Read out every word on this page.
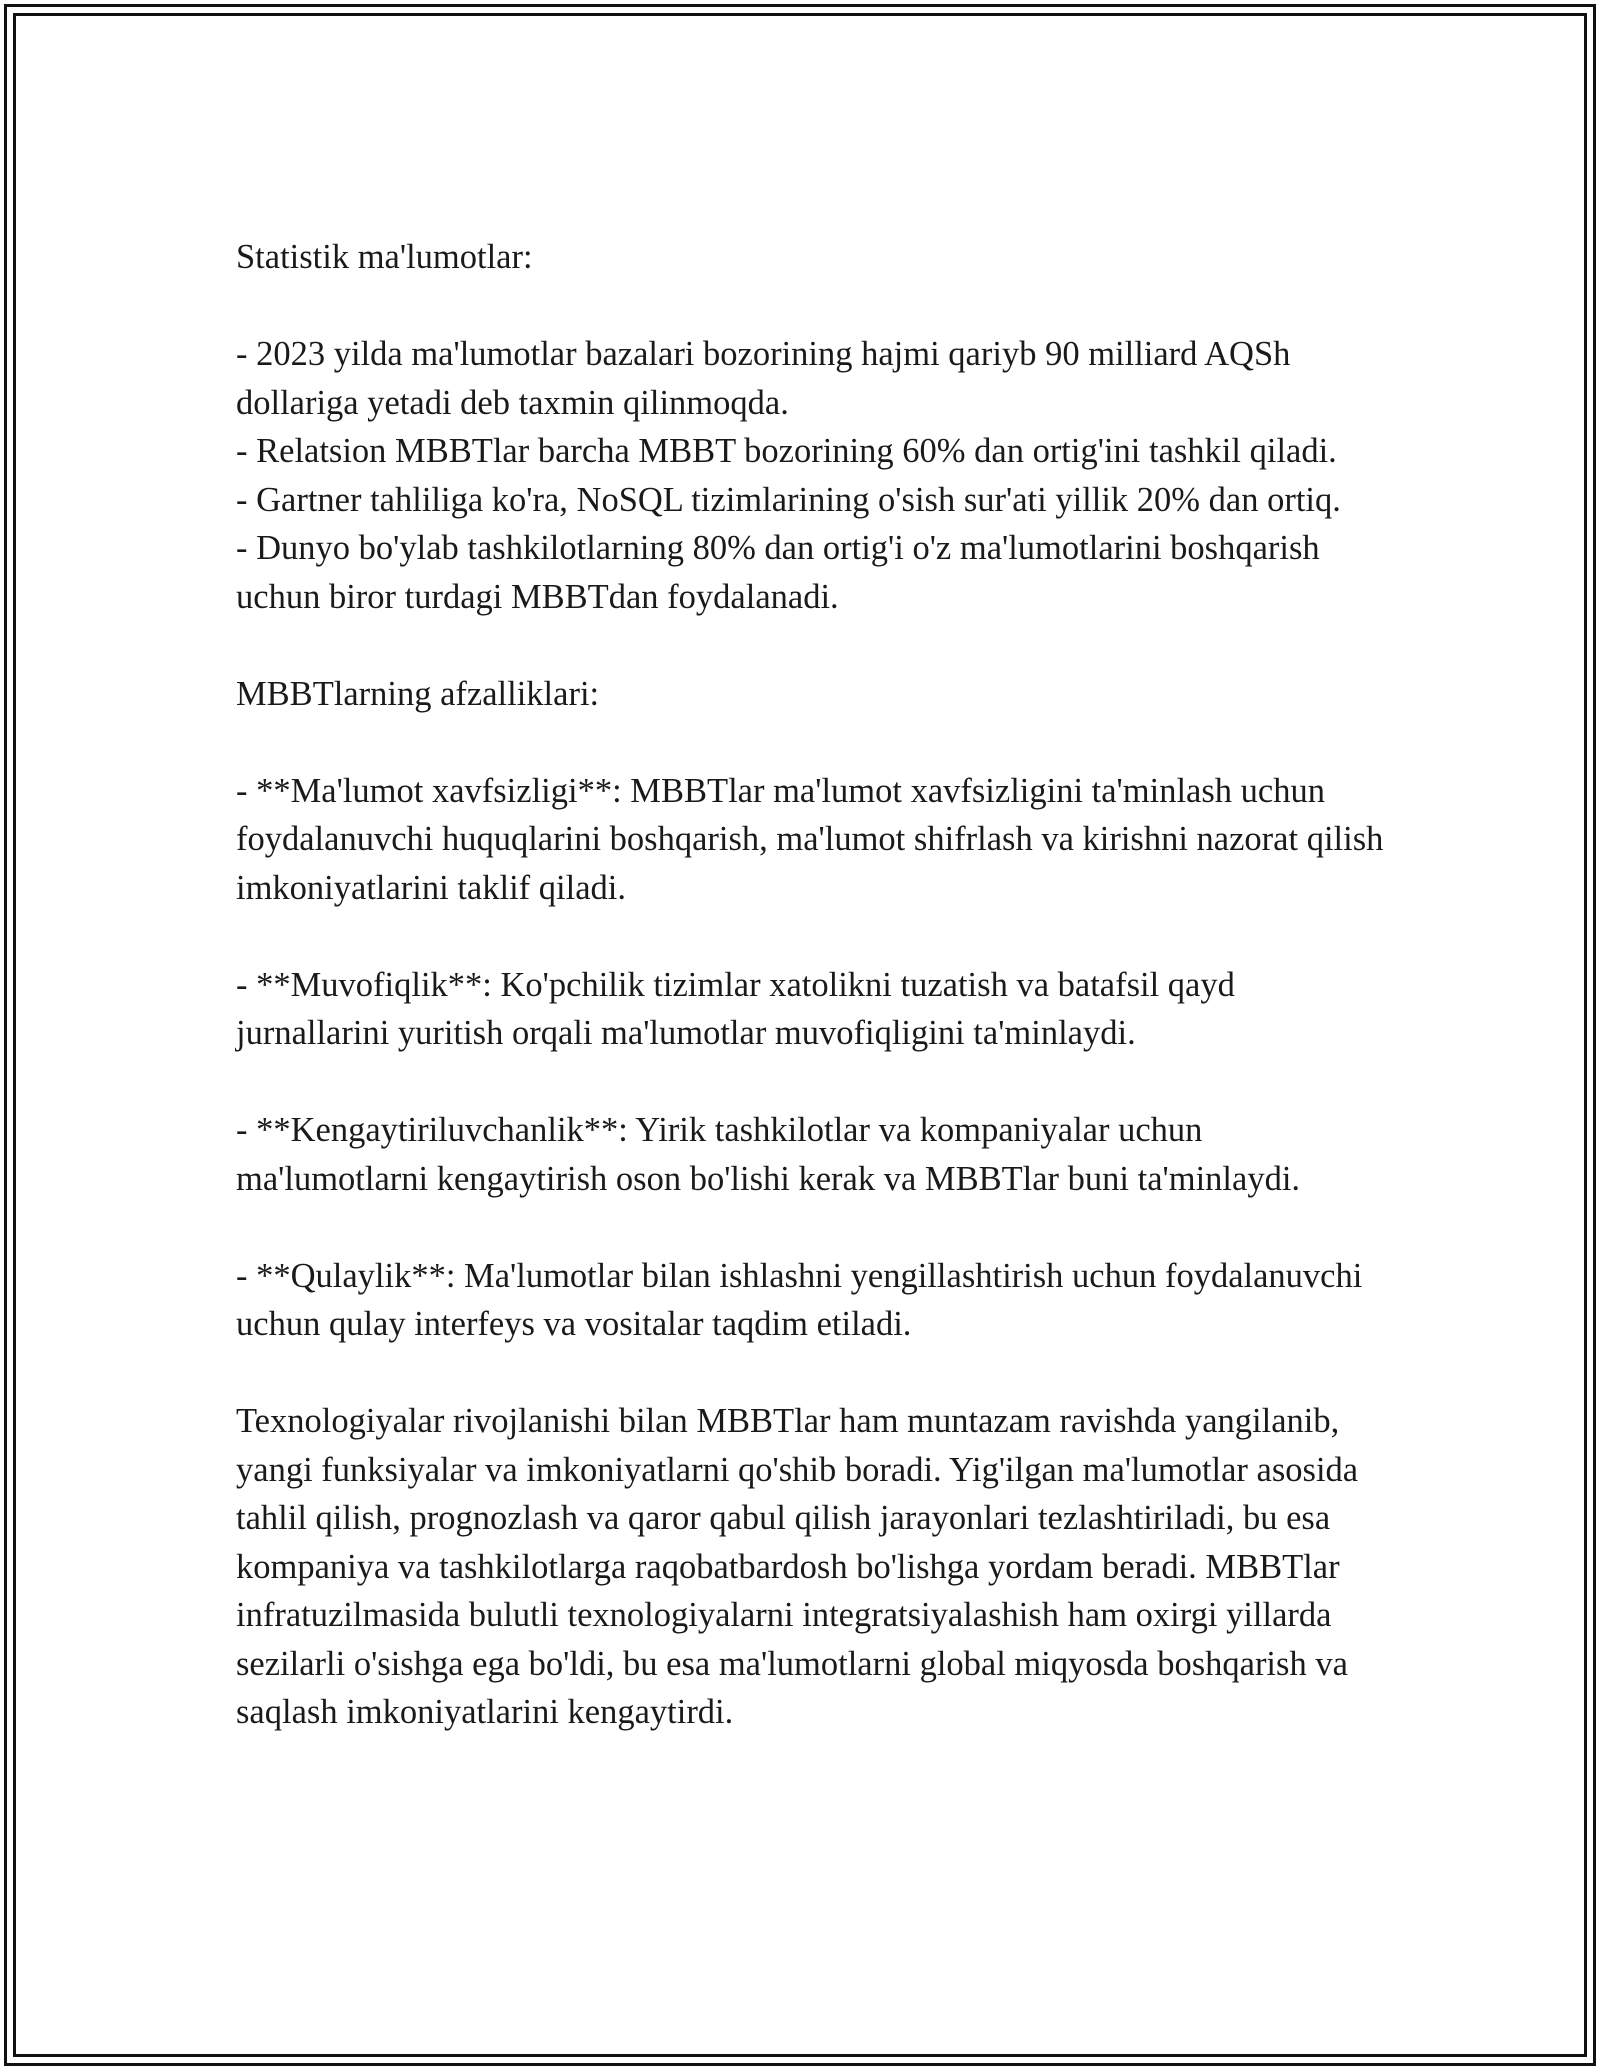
Statistik ma'lumotlar:

- 2023 yilda ma'lumotlar bazalari bozorining hajmi qariyb 90 milliard AQSh dollariga yetadi deb taxmin qilinmoqda.

- Relatsion MBBTlar barcha MBBT bozorining 60% dan ortig'ini tashkil qiladi.

- Gartner tahliliga ko'ra, NoSQL tizimlarining o'sish sur'ati yillik 20% dan ortiq.

- Dunyo bo'ylab tashkilotlarning 80% dan ortig'i o'z ma'lumotlarini boshqarish uchun biror turdagi MBBTdan foydalanadi.

MBBTlarning afzalliklari:

- **Ma'lumot xavfsizligi**: MBBTlar ma'lumot xavfsizligini ta'minlash uchun foydalanuvchi huquqlarini boshqarish, ma'lumot shifrlash va kirishni nazorat qilish imkoniyatlarini taklif qiladi.

- **Muvofiqlik**: Ko'pchilik tizimlar xatolikni tuzatish va batafsil qayd jurnallarini yuritish orqali ma'lumotlar muvofiqligini ta'minlaydi.

- **Kengaytiriluvchanlik**: Yirik tashkilotlar va kompaniyalar uchun ma'lumotlarni kengaytirish oson bo'lishi kerak va MBBTlar buni ta'minlaydi.

- **Qulaylik**: Ma'lumotlar bilan ishlashni yengillashtirish uchun foydalanuvchi uchun qulay interfeys va vositalar taqdim etiladi.

Texnologiyalar rivojlanishi bilan MBBTlar ham muntazam ravishda yangilanib, yangi funksiyalar va imkoniyatlarni qo'shib boradi. Yig'ilgan ma'lumotlar asosida tahlil qilish, prognozlash va qaror qabul qilish jarayonlari tezlashtiriladi, bu esa kompaniya va tashkilotlarga raqobatbardosh bo'lishga yordam beradi. MBBTlar infratuzilmasida bulutli texnologiyalarni integratsiyalashish ham oxirgi yillarda sezilarli o'sishga ega bo'ldi, bu esa ma'lumotlarni global miqyosda boshqarish va saqlash imkoniyatlarini kengaytirdi.
